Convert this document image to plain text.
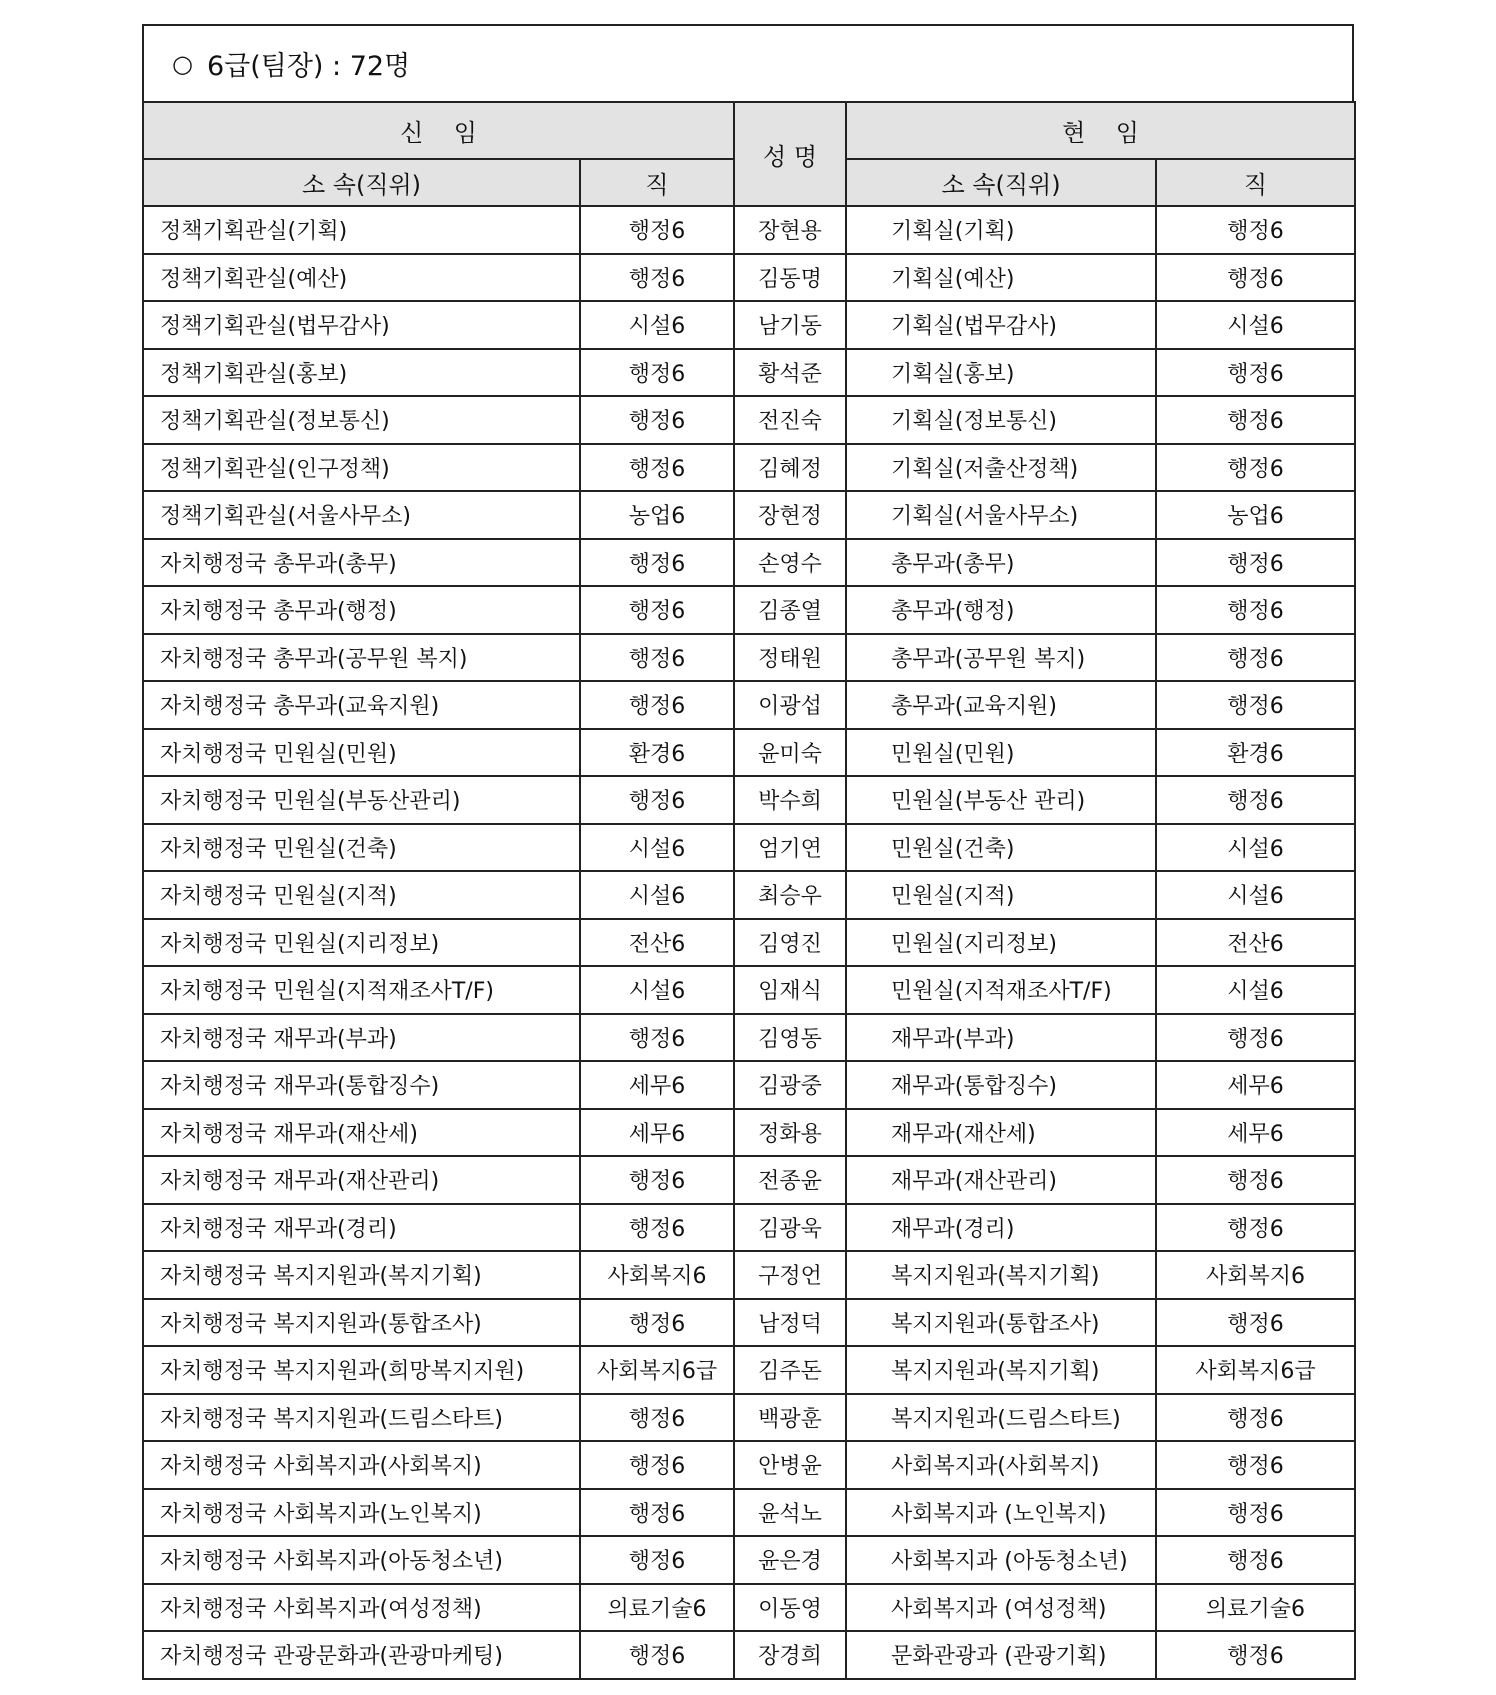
○ 6급(팀장) : 72명
신    임		성 명	현    임	
소 속(직위)	직		소 속(직위)	직
정책기획관실(기획)	행정6	장현용	기획실(기획)	행정6
정책기획관실(예산)	행정6	김동명	기획실(예산)	행정6
정책기획관실(법무감사)	시설6	남기동	기획실(법무감사)	시설6
정책기획관실(홍보)	행정6	황석준	기획실(홍보)	행정6
정책기획관실(정보통신)	행정6	전진숙	기획실(정보통신)	행정6
정책기획관실(인구정책)	행정6	김혜정	기획실(저출산정책)	행정6
정책기획관실(서울사무소)	농업6	장현정	기획실(서울사무소)	농업6
자치행정국 총무과(총무)	행정6	손영수	총무과(총무)	행정6
자치행정국 총무과(행정)	행정6	김종열	총무과(행정)	행정6
자치행정국 총무과(공무원 복지)	행정6	정태원	총무과(공무원 복지)	행정6
자치행정국 총무과(교육지원)	행정6	이광섭	총무과(교육지원)	행정6
자치행정국 민원실(민원)	환경6	윤미숙	민원실(민원)	환경6
자치행정국 민원실(부동산관리)	행정6	박수희	민원실(부동산 관리)	행정6
자치행정국 민원실(건축)	시설6	엄기연	민원실(건축)	시설6
자치행정국 민원실(지적)	시설6	최승우	민원실(지적)	시설6
자치행정국 민원실(지리정보)	전산6	김영진	민원실(지리정보)	전산6
자치행정국 민원실(지적재조사T/F)	시설6	임재식	민원실(지적재조사T/F)	시설6
자치행정국 재무과(부과)	행정6	김영동	재무과(부과)	행정6
자치행정국 재무과(통합징수)	세무6	김광중	재무과(통합징수)	세무6
자치행정국 재무과(재산세)	세무6	정화용	재무과(재산세)	세무6
자치행정국 재무과(재산관리)	행정6	전종윤	재무과(재산관리)	행정6
자치행정국 재무과(경리)	행정6	김광욱	재무과(경리)	행정6
자치행정국 복지지원과(복지기획)	사회복지6	구정언	복지지원과(복지기획)	사회복지6
자치행정국 복지지원과(통합조사)	행정6	남정덕	복지지원과(통합조사)	행정6
자치행정국 복지지원과(희망복지지원)	사회복지6급	김주돈	복지지원과(복지기획)	사회복지6급
자치행정국 복지지원과(드림스타트)	행정6	백광훈	복지지원과(드림스타트)	행정6
자치행정국 사회복지과(사회복지)	행정6	안병윤	사회복지과(사회복지)	행정6
자치행정국 사회복지과(노인복지)	행정6	윤석노	사회복지과 (노인복지)	행정6
자치행정국 사회복지과(아동청소년)	행정6	윤은경	사회복지과 (아동청소년)	행정6
자치행정국 사회복지과(여성정책)	의료기술6	이동영	사회복지과 (여성정책)	의료기술6
자치행정국 관광문화과(관광마케팅)	행정6	장경희	문화관광과 (관광기획)	행정6
